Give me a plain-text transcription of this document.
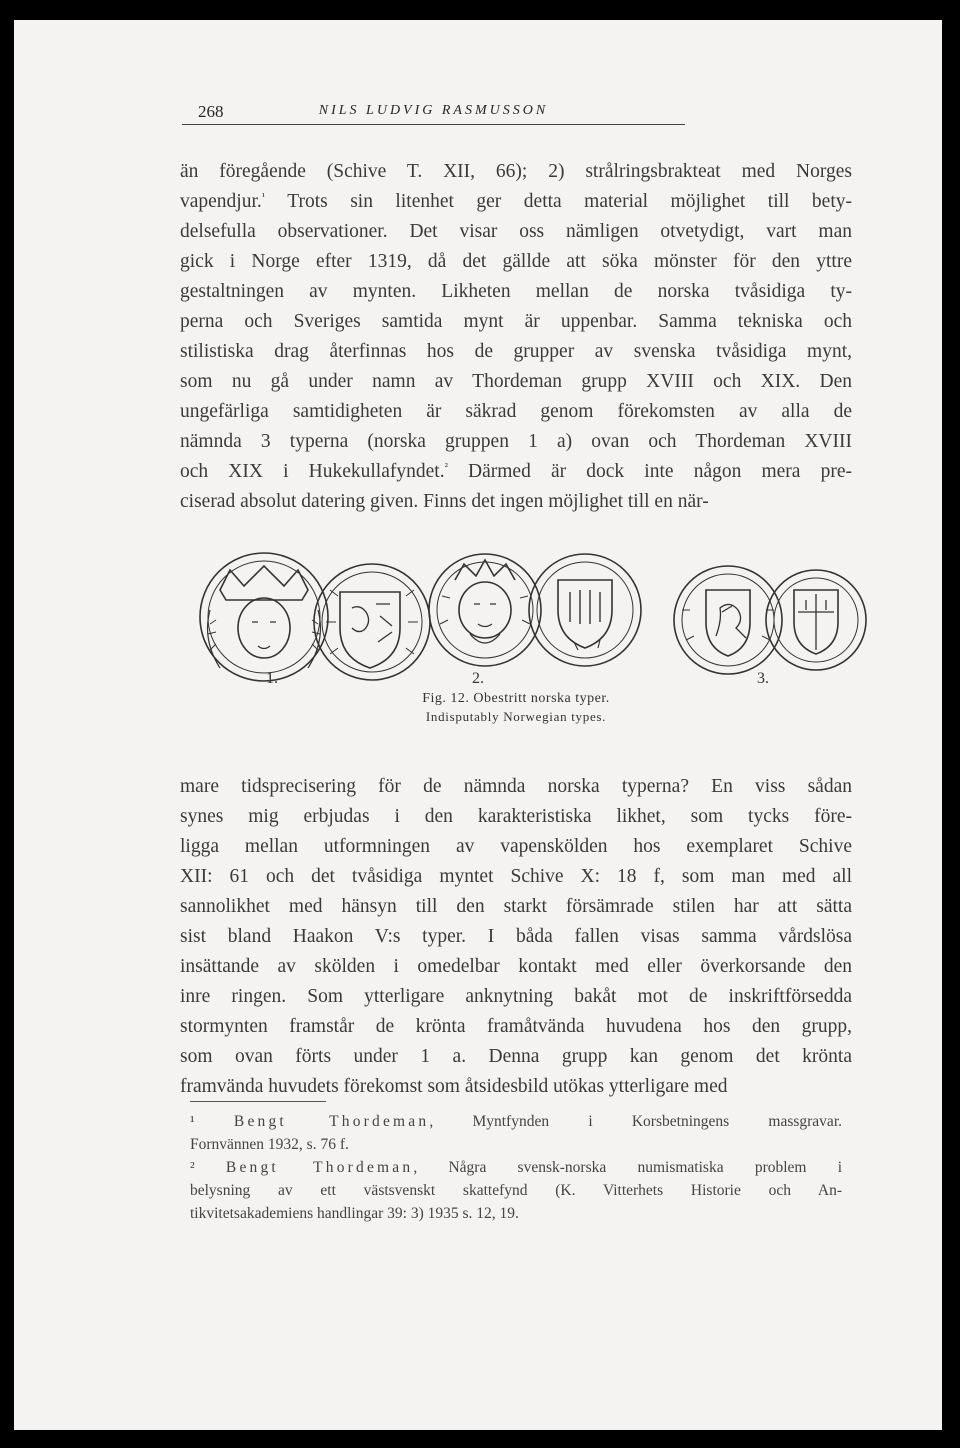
268	NILS LUDVIG RASMUSSON
än föregående (Schive T. XII, 66); 2) strålringsbrakteat med Norges
vapendjur.$^{^1}$ Trots sin litenhet ger detta material möjlighet till bety-
delsefulla observationer. Det visar oss nämligen otvetydigt, vart man
gick i Norge efter 1319, då det gällde att söka mönster för den yttre
gestaltningen av mynten. Likheten mellan de norska tvåsidiga ty-
perna och Sveriges samtida mynt är uppenbar. Samma tekniska och
stilistiska drag återfinnas hos de grupper av svenska tvåsidiga mynt,
som nu gå under namn av Thordeman grupp XVIII och XIX. Den
ungefärliga samtidigheten är säkrad genom förekomsten av alla de
nämnda 3 typerna (norska gruppen 1 a) ovan och Thordeman XVIII
och XIX i Hukekullafyndet.$^{^2}$ Därmed är dock inte någon mera pre-
ciserad absolut datering given. Finns det ingen möjlighet till en när-
1.	2.	3.
Fig. 12. Obestritt norska typer.
Indisputably Norwegian types.
mare tidsprecisering för de nämnda norska typerna? En viss sådan
synes mig erbjudas i den karakteristiska likhet, som tycks före-
ligga mellan utformningen av vapenskölden hos exemplaret Schive
XII: 61 och det tvåsidiga myntet Schive X: 18 f, som man med all
sannolikhet med hänsyn till den starkt försämrade stilen har att sätta
sist bland Haakon V:s typer. I båda fallen visas samma vårdslösa
insättande av skölden i omedelbar kontakt med eller överkorsande den
inre ringen. Som ytterligare anknytning bakåt mot de inskriftförsedda
stormynten framstår de krönta framåtvända huvudena hos den grupp,
som ovan förts under 1 a. Denna grupp kan genom det krönta
framvända huvudets förekomst som åtsidesbild utökas ytterligare med
¹	Bengt Thordeman, Myntfynden i Korsbetningens massgravar.
Fornvännen 1932, s. 76 f.
² Bengt Thordeman, Några svensk-norska numismatiska problem i
belysning av ett västsvenskt skattefynd (K. Vitterhets Historie och An-
tikvitetsakademiens handlingar 39: 3) 1935 s. 12, 19.
